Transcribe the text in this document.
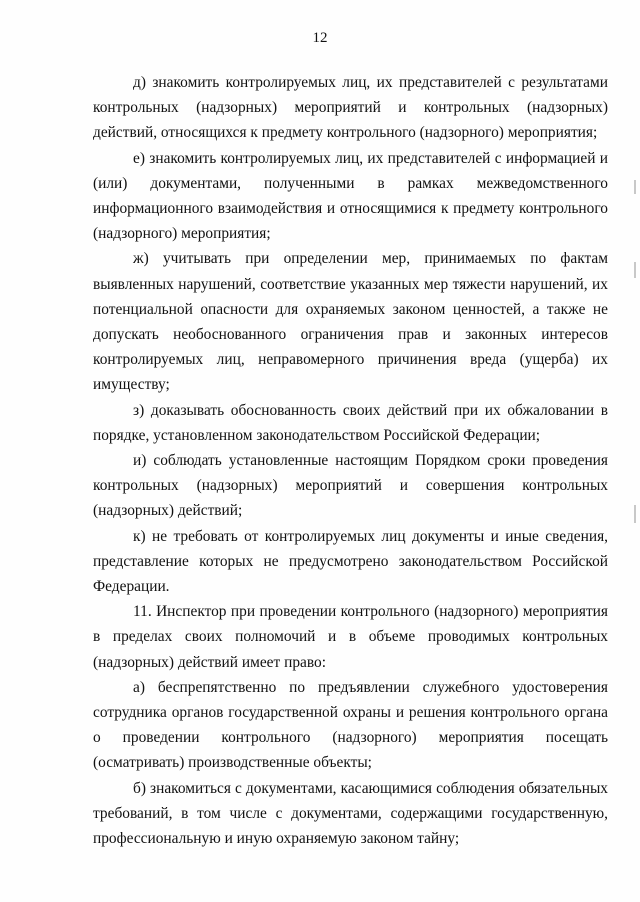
12

д) знакомить контролируемых лиц, их представителей с результатами контрольных (надзорных) мероприятий и контрольных (надзорных) действий, относящихся к предмету контрольного (надзорного) мероприятия;

е) знакомить контролируемых лиц, их представителей с информацией и (или) документами, полученными в рамках межведомственного информационного взаимодействия и относящимися к предмету контрольного (надзорного) мероприятия;

ж) учитывать при определении мер, принимаемых по фактам выявленных нарушений, соответствие указанных мер тяжести нарушений, их потенциальной опасности для охраняемых законом ценностей, а также не допускать необоснованного ограничения прав и законных интересов контролируемых лиц, неправомерного причинения вреда (ущерба) их имуществу;

з) доказывать обоснованность своих действий при их обжаловании в порядке, установленном законодательством Российской Федерации;

и) соблюдать установленные настоящим Порядком сроки проведения контрольных (надзорных) мероприятий и совершения контрольных (надзорных) действий;

к) не требовать от контролируемых лиц документы и иные сведения, представление которых не предусмотрено законодательством Российской Федерации.

11. Инспектор при проведении контрольного (надзорного) мероприятия в пределах своих полномочий и в объеме проводимых контрольных (надзорных) действий имеет право:

а) беспрепятственно по предъявлении служебного удостоверения сотрудника органов государственной охраны и решения контрольного органа о проведении контрольного (надзорного) мероприятия посещать (осматривать) производственные объекты;

б) знакомиться с документами, касающимися соблюдения обязательных требований, в том числе с документами, содержащими государственную, профессиональную и иную охраняемую законом тайну;
